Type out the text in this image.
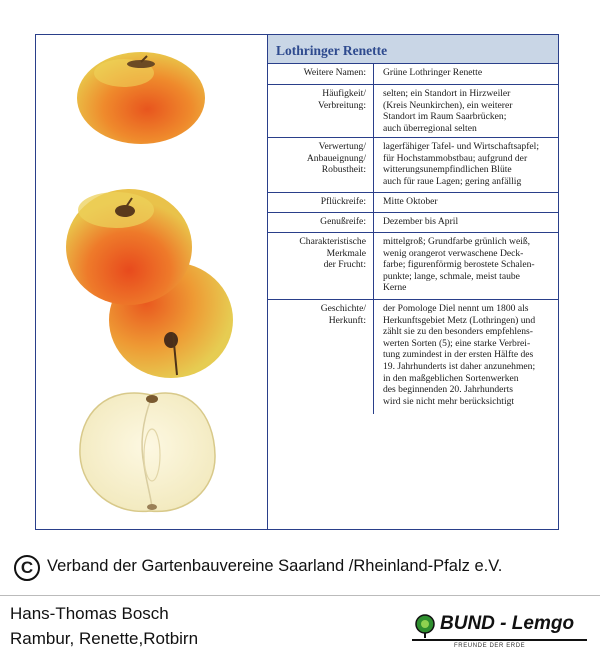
Lothringer Renette
Weitere Namen: Grüne Lothringer Renette
Häufigkeit/
Verbreitung:
selten; ein Standort in Hirzweiler
(Kreis Neunkirchen), ein weiterer
Standort im Raum Saarbrücken;
auch überregional selten
Verwertung/
Anbaueignung/
Robustheit:
lagerfähiger Tafel- und Wirtschaftsapfel;
für Hochstammobstbau; aufgrund der
witterungsunempfindlichen Blüte
auch für raue Lagen; gering anfällig
Pflückreife: Mitte Oktober
Genußreife: Dezember bis April
Charakteristische
Merkmale
der Frucht:
mittelgroß; Grundfarbe grünlich weiß,
wenig orangerot verwaschene Deck-
farbe; figurenförmig berostete Schalen-
punkte; lange, schmale, meist taube
Kerne
Geschichte/
Herkunft:
der Pomologe Diel nennt um 1800 als
Herkunftsgebiet Metz (Lothringen) und
zählt sie zu den besonders empfehlens-
werten Sorten (5); eine starke Verbrei-
tung zumindest in der ersten Hälfte des
19. Jahrhunderts ist daher anzunehmen;
in den maßgeblichen Sortenwerken
des beginnenden 20. Jahrhunderts
wird sie nicht mehr berücksichtigt
C Verband der Gartenbauvereine Saarland /Rheinland-Pfalz e.V.
Hans-Thomas Bosch
Rambur, Renette,Rotbirn
BUND - Lemgo
FREUNDE DER ERDE
